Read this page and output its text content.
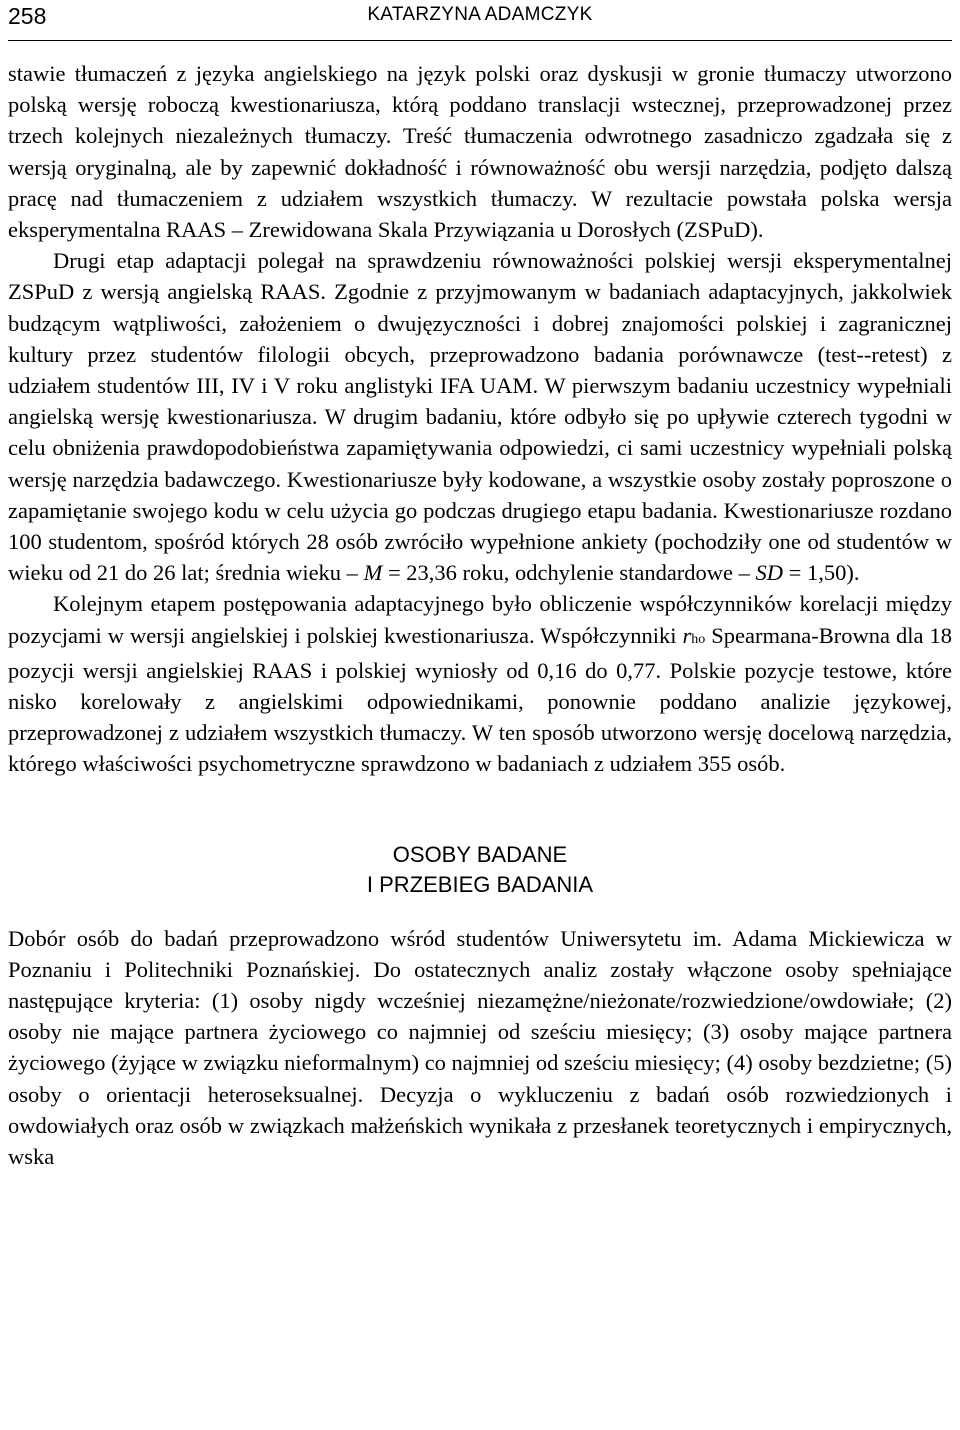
258	KATARZYNA ADAMCZYK

stawie tłumaczeń z języka angielskiego na język polski oraz dyskusji w gronie tłumaczy utworzono polską wersję roboczą kwestionariusza, którą poddano translacji wstecznej, przeprowadzonej przez trzech kolejnych niezależnych tłumaczy. Treść tłumaczenia odwrotnego zasadniczo zgadzała się z wersją oryginalną, ale by zapewnić dokładność i równoważność obu wersji narzędzia, podjęto dalszą pracę nad tłumaczeniem z udziałem wszystkich tłumaczy. W rezultacie powstała polska wersja eksperymentalna RAAS – Zrewidowana Skala Przywiązania u Dorosłych (ZSPuD).

Drugi etap adaptacji polegał na sprawdzeniu równoważności polskiej wersji eksperymentalnej ZSPuD z wersją angielską RAAS. Zgodnie z przyjmowanym w badaniach adaptacyjnych, jakkolwiek budzącym wątpliwości, założeniem o dwujęzyczności i dobrej znajomości polskiej i zagranicznej kultury przez studentów filologii obcych, przeprowadzono badania porównawcze (test-‑retest) z udziałem studentów III, IV i V roku anglistyki IFA UAM. W pierwszym badaniu uczestnicy wypełniali angielską wersję kwestionariusza. W drugim badaniu, które odbyło się po upływie czterech tygodni w celu obniżenia prawdopodobieństwa zapamiętywania odpowiedzi, ci sami uczestnicy wypełniali polską wersję narzędzia badawczego. Kwestionariusze były kodowane, a wszystkie osoby zostały poproszone o zapamiętanie swojego kodu w celu użycia go podczas drugiego etapu badania. Kwestionariusze rozdano 100 studentom, spośród których 28 osób zwróciło wypełnione ankiety (pochodziły one od studentów w wieku od 21 do 26 lat; średnia wieku – M = 23,36 roku, odchylenie standardowe – SD = 1,50).

Kolejnym etapem postępowania adaptacyjnego było obliczenie współczynników korelacji między pozycjami w wersji angielskiej i polskiej kwestionariusza. Współczynniki rho Spearmana-Browna dla 18 pozycji wersji angielskiej RAAS i polskiej wyniosły od 0,16 do 0,77. Polskie pozycje testowe, które nisko korelowały z angielskimi odpowiednikami, ponownie poddano analizie językowej, przeprowadzonej z udziałem wszystkich tłumaczy. W ten sposób utworzono wersję docelową narzędzia, którego właściwości psychometryczne sprawdzono w badaniach z udziałem 355 osób.

OSOBY BADANE
I PRZEBIEG BADANIA

Dobór osób do badań przeprowadzono wśród studentów Uniwersytetu im. Adama Mickiewicza w Poznaniu i Politechniki Poznańskiej. Do ostatecznych analiz zostały włączone osoby spełniające następujące kryteria: (1) osoby nigdy wcześniej niezamężne/nieżonate/rozwiedzione/owdowiałe; (2) osoby nie mające partnera życiowego co najmniej od sześciu miesięcy; (3) osoby mające partnera życiowego (żyjące w związku nieformalnym) co najmniej od sześciu miesięcy; (4) osoby bezdzietne; (5) osoby o orientacji heteroseksualnej. Decyzja o wykluczeniu z badań osób rozwiedzionych i owdowiałych oraz osób w związkach małżeńskich wynikała z przesłanek teoretycznych i empirycznych, wska
